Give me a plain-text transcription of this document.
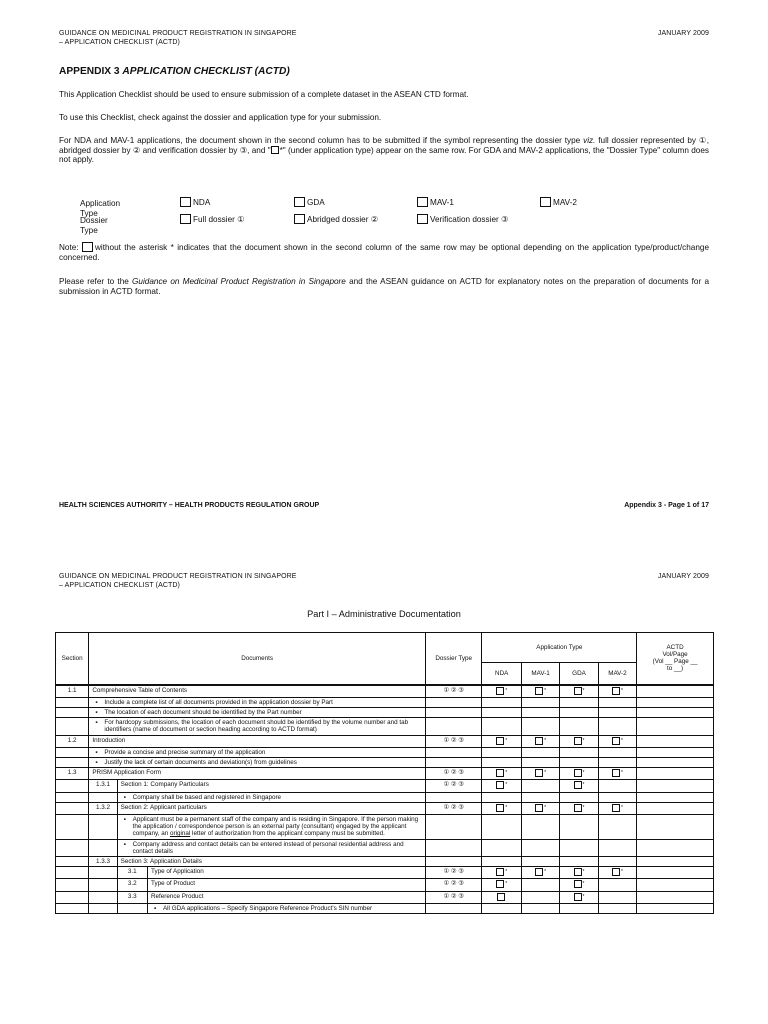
GUIDANCE ON MEDICINAL PRODUCT REGISTRATION IN SINGAPORE
– APPLICATION CHECKLIST (ACTD)
JANUARY 2009
APPENDIX 3 APPLICATION CHECKLIST (ACTD)
This Application Checklist should be used to ensure submission of a complete dataset in the ASEAN CTD format.
To use this Checklist, check against the dossier and application type for your submission.
For NDA and MAV-1 applications, the document shown in the second column has to be submitted if the symbol representing the dossier type viz. full dossier represented by ①, abridged dossier by ② and verification dossier by ③, and " *" (under application type) appear on the same row. For GDA and MAV-2 applications, the "Dossier Type" column does not apply.
Application Type
NDA	GDA	MAV-1	MAV-2
Dossier Type
Full dossier ①	Abridged dossier ②	Verification dossier ③
Note: without the asterisk * indicates that the document shown in the second column of the same row may be optional depending on the application type/product/change concerned.
Please refer to the Guidance on Medicinal Product Registration in Singapore and the ASEAN guidance on ACTD for explanatory notes on the preparation of documents for a submission in ACTD format.
HEALTH SCIENCES AUTHORITY – HEALTH PRODUCTS REGULATION GROUP	Appendix 3 - Page 1 of 17
GUIDANCE ON MEDICINAL PRODUCT REGISTRATION IN SINGAPORE
– APPLICATION CHECKLIST (ACTD)
JANUARY 2009
Part I – Administrative Documentation
Section	Documents			Dossier Type	Application Type				ACTD
Vol/Page
(Vol __ Page __
to __)

					NDA	MAV-1	GDA	MAV-2	
1.1	Comprehensive Table of Contents			① ② ③	*	*	*	*	

	▪ Include a complete list of all documents provided in the application dossier by Part								

	▪ The location of each document should be identified by the Part number								

	▪ For hardcopy submissions, the location of each document should be identified by the volume number and tab identifiers (name of document or section heading according to ACTD format)								

1.2	Introduction			① ② ③	*	*	*	*	

	▪ Provide a concise and precise summary of the application								

	▪ Justify the lack of certain documents and deviation(s) from guidelines								

1.3	PRISM Application Form			① ② ③	*	*	*	*	
	1.3.1	Section 1: Company Particulars		① ② ③	*		*		

		▪ Company shall be based and registered in Singapore							

	1.3.2	Section 2: Applicant particulars		① ② ③	*	*	*	*	

		▪ Applicant must be a permanent staff of the company and is residing in Singapore. If the person making the application / correspondence person is an external party (consultant) engaged by the applicant company, an original letter of authorization from the applicant company must be submitted.							

		▪ Company address and contact details can be entered instead of personal residential address and contact details							

	1.3.3	Section 3: Application Details							
		3.1	Type of Application	① ② ③	*	*	*	*	
		3.2	Type of Product	① ② ③	*		*		
		3.3	Reference Product	① ② ③			*		

			▪ All GDA applications – Specify Singapore Reference Product's SIN number						
